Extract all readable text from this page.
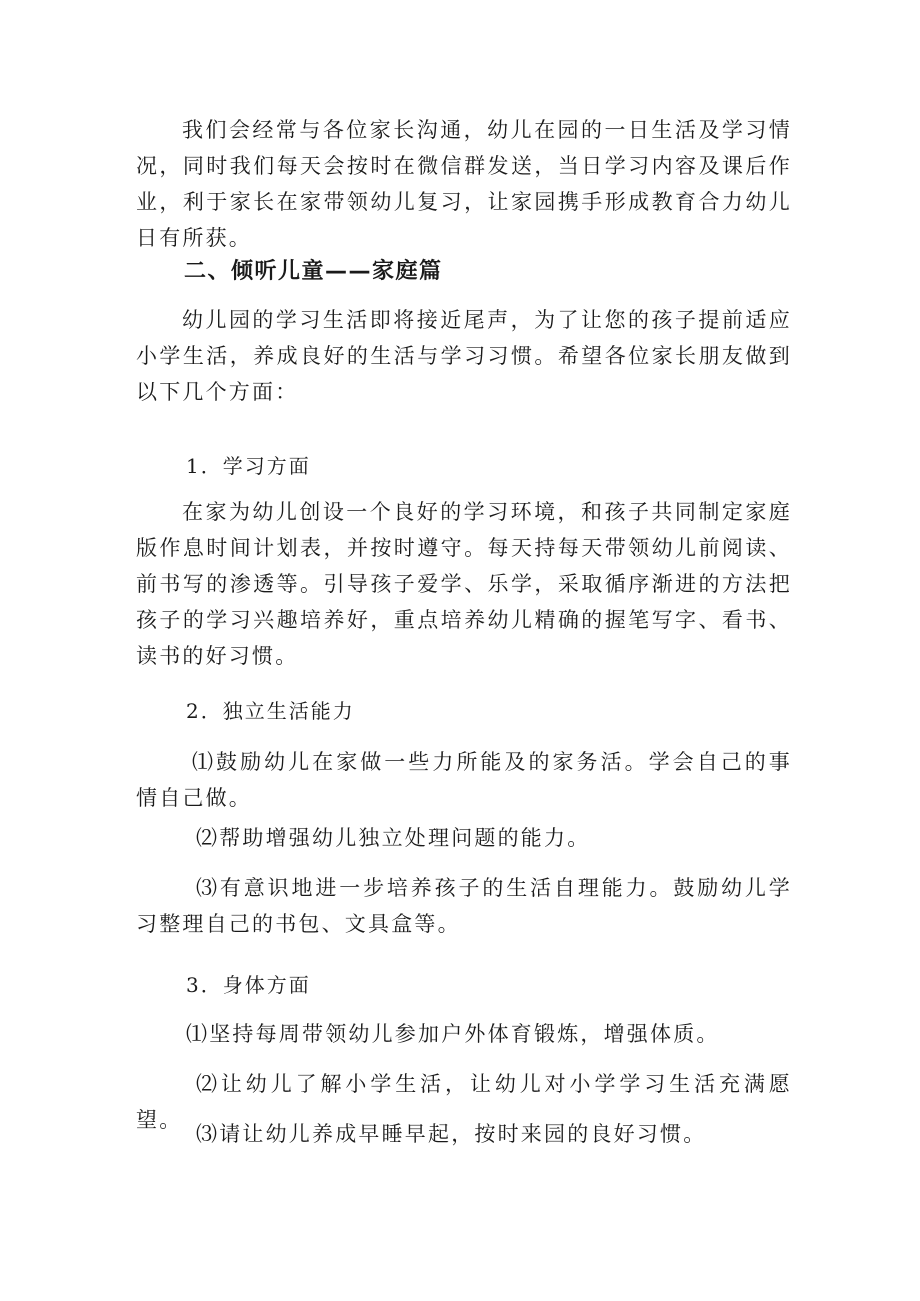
我们会经常与各位家长沟通，幼儿在园的一日生活及学习情况，同时我们每天会按时在微信群发送，当日学习内容及课后作业，利于家长在家带领幼儿复习，让家园携手形成教育合力幼儿日有所获。

二、倾听儿童——家庭篇

幼儿园的学习生活即将接近尾声，为了让您的孩子提前适应小学生活，养成良好的生活与学习习惯。希望各位家长朋友做到以下几个方面：

1．学习方面

在家为幼儿创设一个良好的学习环境，和孩子共同制定家庭版作息时间计划表，并按时遵守。每天持每天带领幼儿前阅读、前书写的渗透等。引导孩子爱学、乐学，采取循序渐进的方法把孩子的学习兴趣培养好，重点培养幼儿精确的握笔写字、看书、读书的好习惯。

2．独立生活能力

⑴鼓励幼儿在家做一些力所能及的家务活。学会自己的事情自己做。

⑵帮助增强幼儿独立处理问题的能力。

⑶有意识地进一步培养孩子的生活自理能力。鼓励幼儿学习整理自己的书包、文具盒等。

3．身体方面

⑴坚持每周带领幼儿参加户外体育锻炼，增强体质。

⑵让幼儿了解小学生活，让幼儿对小学学习生活充满愿望。

⑶请让幼儿养成早睡早起，按时来园的良好习惯。
